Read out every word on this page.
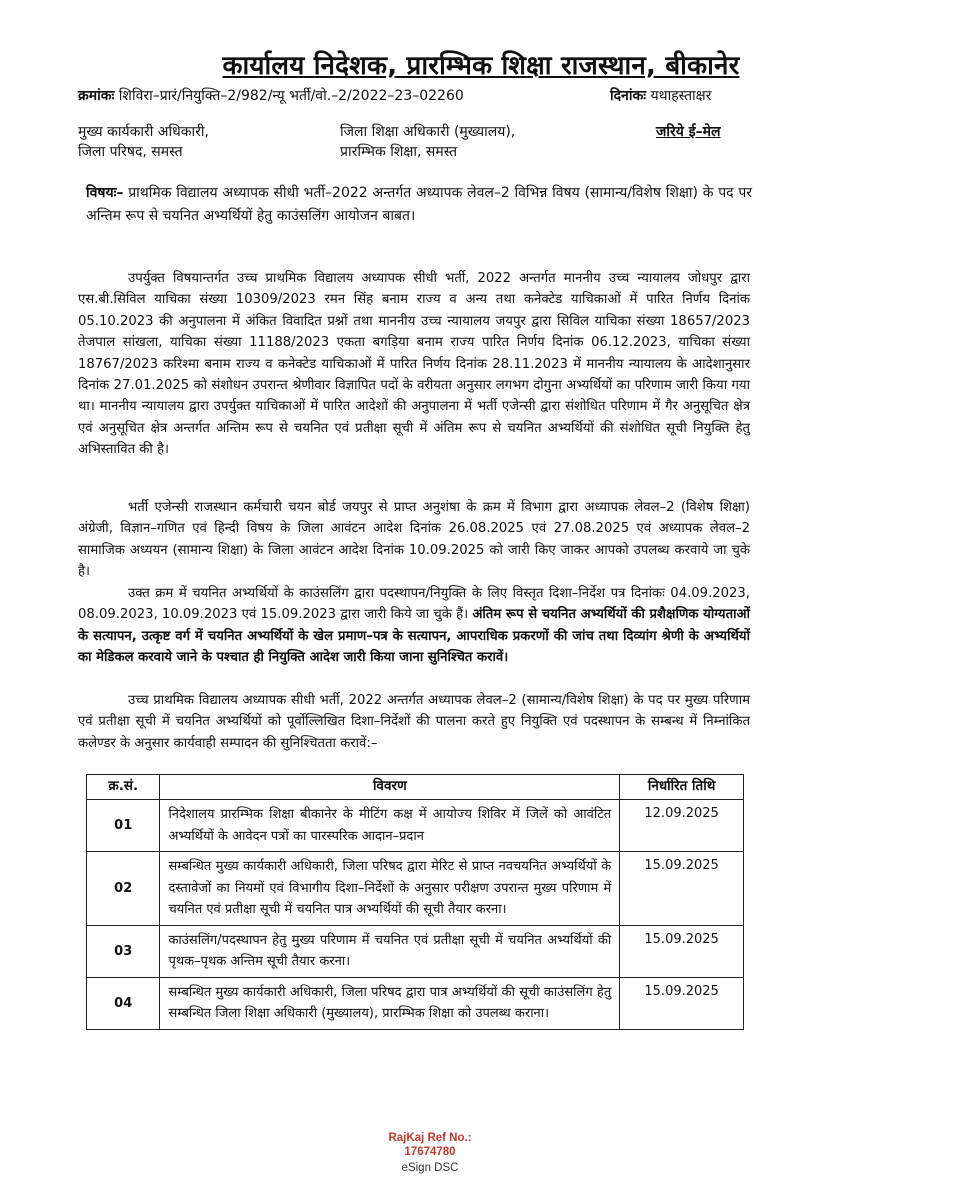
कार्यालय निदेशक, प्रारम्भिक शिक्षा राजस्थान, बीकानेर
क्रमांकः शिविरा–प्रारं/नियुक्ति–2/982/न्यू भर्ती/वो.–2/2022–23–02260	दिनांकः यथाहस्ताक्षर
मुख्य कार्यकारी अधिकारी,
जिला परिषद, समस्त
जिला शिक्षा अधिकारी (मुख्यालय),
प्रारम्भिक शिक्षा, समस्त
जरिये ई–मेल
विषयः– प्राथमिक विद्यालय अध्यापक सीधी भर्ती–2022 अन्तर्गत अध्यापक लेवल–2 विभिन्न विषय (सामान्य/विशेष शिक्षा) के पद पर अन्तिम रूप से चयनित अभ्यर्थियों हेतु काउंसलिंग आयोजन बाबत।

उपर्युक्त विषयान्तर्गत उच्च प्राथमिक विद्यालय अध्यापक सीधी भर्ती, 2022 अन्तर्गत माननीय उच्च न्यायालय जोधपुर द्वारा एस.बी.सिविल याचिका संख्या 10309/2023 रमन सिंह बनाम राज्य व अन्य तथा कनेक्टेड याचिकाओं में पारित निर्णय दिनांक 05.10.2023 की अनुपालना में अंकित विवादित प्रश्नों तथा माननीय उच्च न्यायालय जयपुर द्वारा सिविल याचिका संख्या 18657/2023 तेजपाल सांखला, याचिका संख्या 11188/2023 एकता बगड़िया बनाम राज्य पारित निर्णय दिनांक 06.12.2023, याचिका संख्या 18767/2023 करिश्मा बनाम राज्य व कनेक्टेड याचिकाओं में पारित निर्णय दिनांक 28.11.2023 में माननीय न्यायालय के आदेशानुसार दिनांक 27.01.2025 को संशोधन उपरान्त श्रेणीवार विज्ञापित पदों के वरीयता अनुसार लगभग दोगुना अभ्यर्थियों का परिणाम जारी किया गया था। माननीय न्यायालय द्वारा उपर्युक्त याचिकाओं में पारित आदेशों की अनुपालना में भर्ती एजेन्सी द्वारा संशोधित परिणाम में गैर अनुसूचित क्षेत्र एवं अनुसूचित क्षेत्र अन्तर्गत अन्तिम रूप से चयनित एवं प्रतीक्षा सूची में अंतिम रूप से चयनित अभ्यर्थियों की संशोधित सूची नियुक्ति हेतु अभिस्तावित की है।

भर्ती एजेन्सी राजस्थान कर्मचारी चयन बोर्ड जयपुर से प्राप्त अनुशंषा के क्रम में विभाग द्वारा अध्यापक लेवल–2 (विशेष शिक्षा) अंग्रेजी, विज्ञान–गणित एवं हिन्दी विषय के जिला आवंटन आदेश दिनांक 26.08.2025 एवं 27.08.2025 एवं अध्यापक लेवल–2 सामाजिक अध्ययन (सामान्य शिक्षा) के जिला आवंटन आदेश दिनांक 10.09.2025 को जारी किए जाकर आपको उपलब्ध करवाये जा चुके है।

उक्त क्रम में चयनित अभ्यर्थियों के काउंसलिंग द्वारा पदस्थापन/नियुक्ति के लिए विस्तृत दिशा–निर्देश पत्र दिनांकः 04.09.2023, 08.09.2023, 10.09.2023 एवं 15.09.2023 द्वारा जारी किये जा चुके हैं। अंतिम रूप से चयनित अभ्यर्थियों की प्रशैक्षणिक योग्यताओं के सत्यापन, उत्कृष्ट वर्ग में चयनित अभ्यर्थियों के खेल प्रमाण–पत्र के सत्यापन, आपराधिक प्रकरणों की जांच तथा दिव्यांग श्रेणी के अभ्यर्थियों का मेडिकल करवाये जाने के पश्चात ही नियुक्ति आदेश जारी किया जाना सुनिश्चित करावें।

उच्च प्राथमिक विद्यालय अध्यापक सीधी भर्ती, 2022 अन्तर्गत अध्यापक लेवल–2 (सामान्य/विशेष शिक्षा) के पद पर मुख्य परिणाम एवं प्रतीक्षा सूची में चयनित अभ्यर्थियों को पूर्वोल्लिखित दिशा–निर्देशों की पालना करते हुए नियुक्ति एवं पदस्थापन के सम्बन्ध में निम्नांकित कलेण्डर के अनुसार कार्यवाही सम्पादन की सुनिश्चितता करावें:–

क्र.सं.	विवरण	निर्धारित तिथि
01	निदेशालय प्रारम्भिक शिक्षा बीकानेर के मीटिंग कक्ष में आयोज्य शिविर में जिलें को आवंटित अभ्यर्थियों के आवेदन पत्रों का पारस्परिक आदान–प्रदान	12.09.2025
02	सम्बन्धित मुख्य कार्यकारी अधिकारी, जिला परिषद द्वारा मेरिट से प्राप्त नवचयनित अभ्यर्थियों के दस्तावेजों का नियमों एवं विभागीय दिशा–निर्देशों के अनुसार परीक्षण उपरान्त मुख्य परिणाम में चयनित एवं प्रतीक्षा सूची में चयनित पात्र अभ्यर्थियों की सूची तैयार करना।	15.09.2025
03	काउंसलिंग/पदस्थापन हेतु मुख्य परिणाम में चयनित एवं प्रतीक्षा सूची में चयनित अभ्यर्थियों की पृथक–पृथक अन्तिम सूची तैयार करना।	15.09.2025
04	सम्बन्धित मुख्य कार्यकारी अधिकारी, जिला परिषद द्वारा पात्र अभ्यर्थियों की सूची काउंसलिंग हेतु सम्बन्धित जिला शिक्षा अधिकारी (मुख्यालय), प्रारम्भिक शिक्षा को उपलब्ध कराना।	15.09.2025
RajKaj Ref No.:
17674780
eSign DSC
